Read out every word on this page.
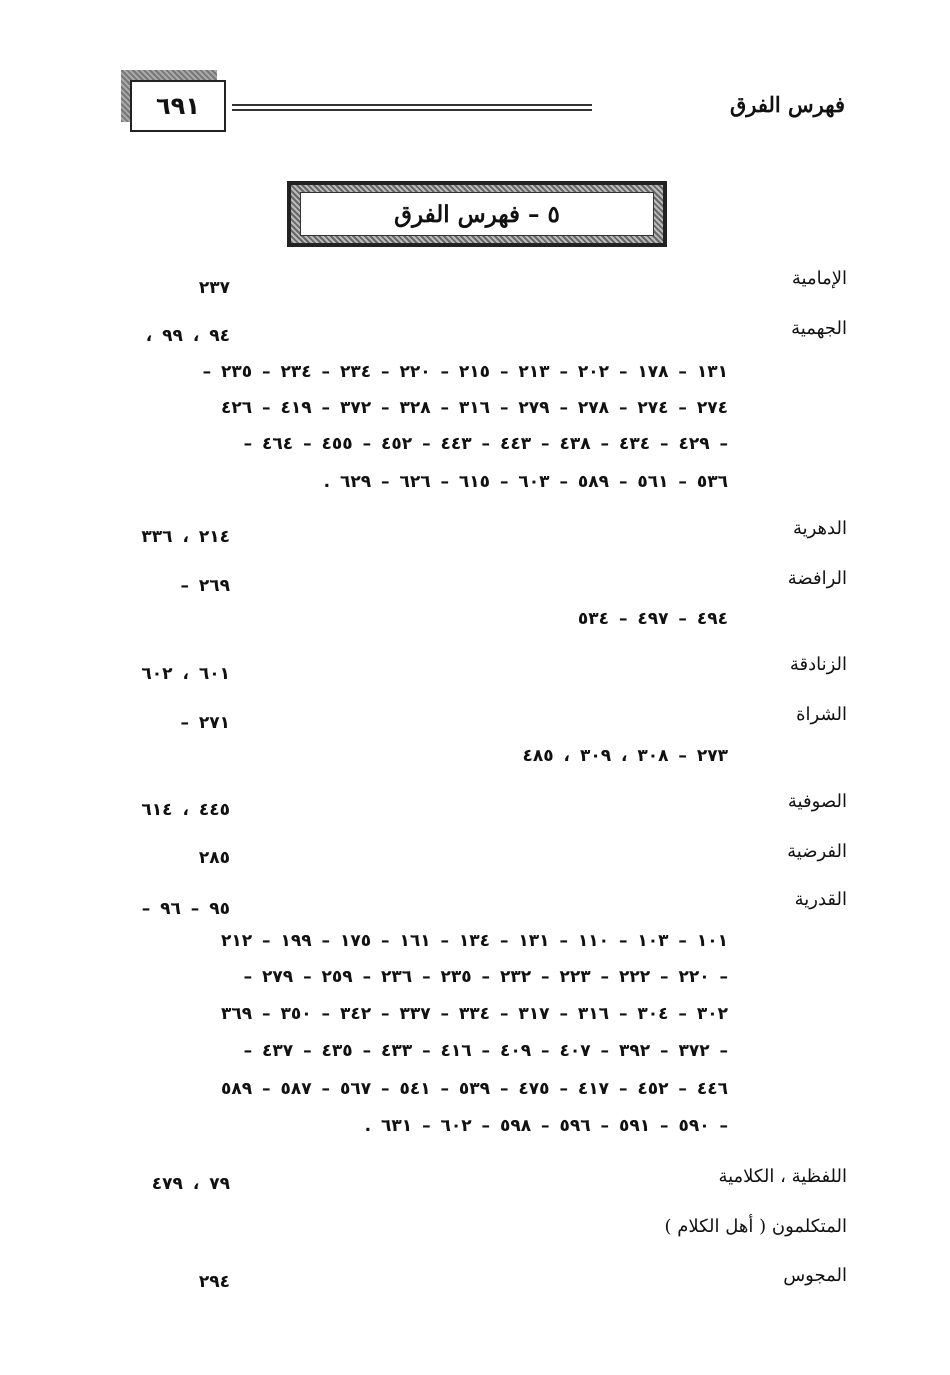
فهرس الفرق
٦٩١
٥ – فهرس الفرق
الإمامية
٢٣٧
الجهمية
٩٤ ، ٩٩ ،
١٣١ – ١٧٨ – ٢٠٢ – ٢١٣ – ٢١٥ – ٢٢٠ – ٢٣٤ – ٢٣٤ – ٢٣٥ –
٢٧٤ – ٢٧٤ – ٢٧٨ – ٢٧٩ – ٣١٦ – ٣٢٨ – ٣٧٢ – ٤١٩ – ٤٢٦
– ٤٢٩ – ٤٣٤ – ٤٣٨ – ٤٤٣ – ٤٤٣ – ٤٥٢ – ٤٥٥ – ٤٦٤ –
٥٣٦ – ٥٦١ – ٥٨٩ – ٦٠٣ – ٦١٥ – ٦٢٦ – ٦٢٩ .
الدهرية
٢١٤ ، ٣٣٦
الرافضة
٢٦٩ –
٤٩٤ – ٤٩٧ – ٥٣٤
الزنادقة
٦٠١ ، ٦٠٢
الشراة
٢٧١ –
٢٧٣ – ٣٠٨ ، ٣٠٩ ، ٤٨٥
الصوفية
٤٤٥ ، ٦١٤
الفرضية
٢٨٥
القدرية
٩٥ – ٩٦ –
١٠١ – ١٠٣ – ١١٠ – ١٣١ – ١٣٤ – ١٦١ – ١٧٥ – ١٩٩ – ٢١٢
– ٢٢٠ – ٢٢٢ – ٢٢٣ – ٢٣٢ – ٢٣٥ – ٢٣٦ – ٢٥٩ – ٢٧٩ –
٣٠٢ – ٣٠٤ – ٣١٦ – ٣١٧ – ٣٣٤ – ٣٣٧ – ٣٤٢ – ٣٥٠ – ٣٦٩
– ٣٧٢ – ٣٩٢ – ٤٠٧ – ٤٠٩ – ٤١٦ – ٤٣٣ – ٤٣٥ – ٤٣٧ –
٤٤٦ – ٤٥٢ – ٤١٧ – ٤٧٥ – ٥٣٩ – ٥٤١ – ٥٦٧ – ٥٨٧ – ٥٨٩
– ٥٩٠ – ٥٩١ – ٥٩٦ – ٥٩٨ – ٦٠٢ – ٦٣١ .
اللفظية ، الكلامية
٧٩ ، ٤٧٩
المتكلمون ( أهل الكلام )
المجوس
٢٩٤
